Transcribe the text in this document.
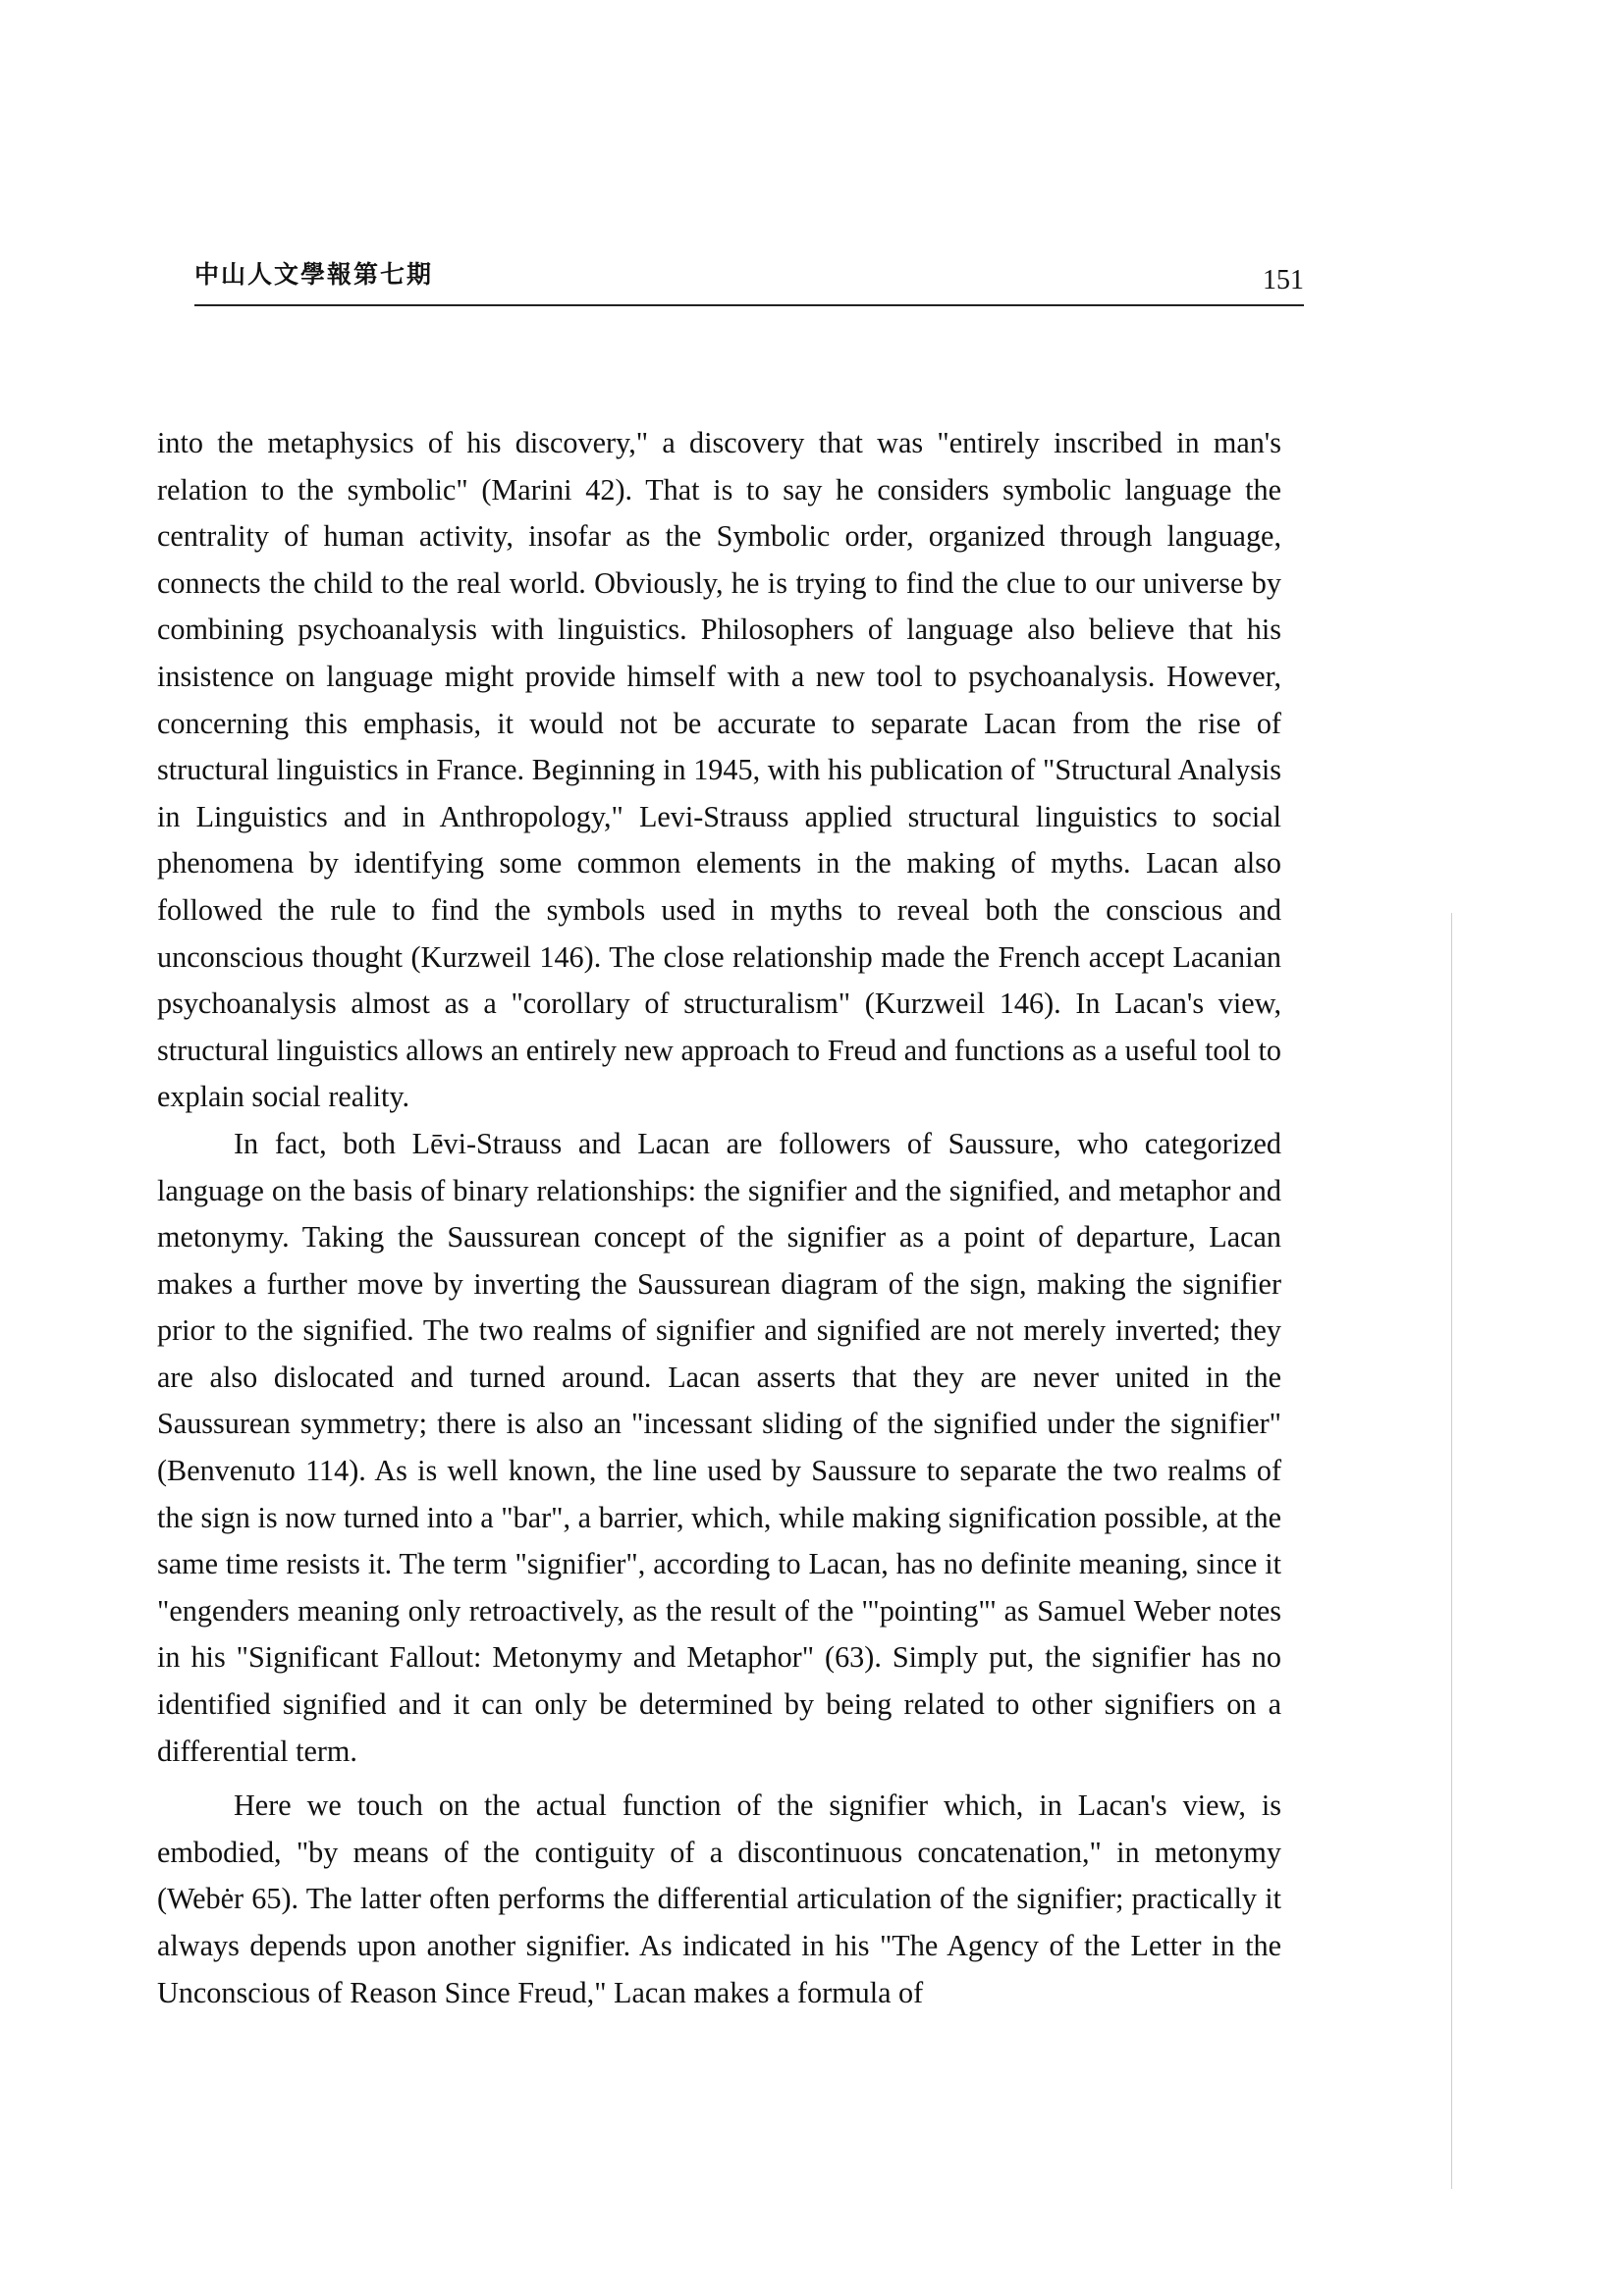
中山人文學報第七期	151

into the metaphysics of his discovery," a discovery that was "entirely inscribed in man's relation to the symbolic" (Marini 42). That is to say he considers symbolic language the centrality of human activity, insofar as the Symbolic order, organized through language, connects the child to the real world. Obviously, he is trying to find the clue to our universe by combining psychoanalysis with linguistics. Philosophers of language also believe that his insistence on language might provide himself with a new tool to psychoanalysis. However, concerning this emphasis, it would not be accurate to separate Lacan from the rise of structural linguistics in France. Beginning in 1945, with his publication of "Structural Analysis in Linguistics and in Anthropology," Levi-Strauss applied structural linguistics to social phenomena by identifying some common elements in the making of myths. Lacan also followed the rule to find the symbols used in myths to reveal both the conscious and unconscious thought (Kurzweil 146). The close relationship made the French accept Lacanian psychoanalysis almost as a "corollary of structuralism" (Kurzweil 146). In Lacan's view, structural linguistics allows an entirely new approach to Freud and functions as a useful tool to explain social reality.

In fact, both Lēvi-Strauss and Lacan are followers of Saussure, who categorized language on the basis of binary relationships: the signifier and the signified, and metaphor and metonymy. Taking the Saussurean concept of the signifier as a point of departure, Lacan makes a further move by inverting the Saussurean diagram of the sign, making the signifier prior to the signified. The two realms of signifier and signified are not merely inverted; they are also dislocated and turned around. Lacan asserts that they are never united in the Saussurean symmetry; there is also an "incessant sliding of the signified under the signifier" (Benvenuto 114). As is well known, the line used by Saussure to separate the two realms of the sign is now turned into a "bar", a barrier, which, while making signification possible, at the same time resists it. The term "signifier", according to Lacan, has no definite meaning, since it "engenders meaning only retroactively, as the result of the '"pointing"' as Samuel Weber notes in his "Significant Fallout: Metonymy and Metaphor" (63). Simply put, the signifier has no identified signified and it can only be determined by being related to other signifiers on a differential term.

Here we touch on the actual function of the signifier which, in Lacan's view, is embodied, "by means of the contiguity of a discontinuous concatenation," in metonymy (Webėr 65). The latter often performs the differential articulation of the signifier; practically it always depends upon another signifier. As indicated in his "The Agency of the Letter in the Unconscious of Reason Since Freud," Lacan makes a formula of
